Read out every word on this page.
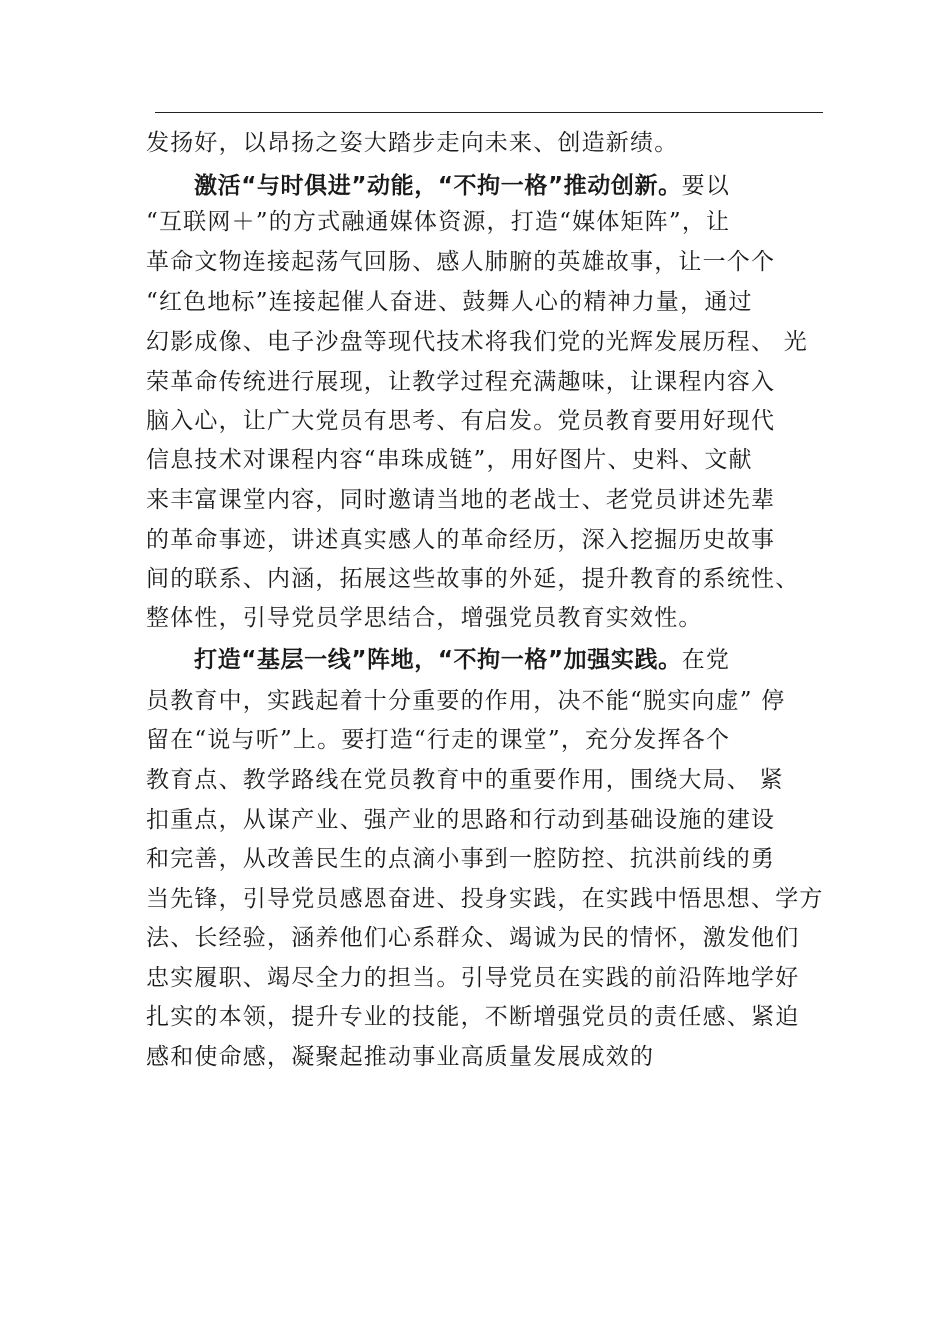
发扬好，以昂扬之姿大踏步走向未来、创造新绩。
激活“与时俱进”动能，“不拘一格”推动创新。要以
“互联网＋”的方式融通媒体资源，打造“媒体矩阵”，让
革命文物连接起荡气回肠、感人肺腑的英雄故事，让一个个
“红色地标”连接起催人奋进、鼓舞人心的精神力量，通过
幻影成像、电子沙盘等现代技术将我们党的光辉发展历程、 光
荣革命传统进行展现，让教学过程充满趣味，让课程内容入
脑入心，让广大党员有思考、有启发。党员教育要用好现代
信息技术对课程内容“串珠成链”，用好图片、史料、文献
来丰富课堂内容，同时邀请当地的老战士、老党员讲述先辈
的革命事迹，讲述真实感人的革命经历，深入挖掘历史故事
间的联系、内涵，拓展这些故事的外延，提升教育的系统性、
整体性，引导党员学思结合，增强党员教育实效性。
打造“基层一线”阵地，“不拘一格”加强实践。在党
员教育中，实践起着十分重要的作用，决不能“脱实向虚” 停
留在“说与听”上。要打造“行走的课堂”，充分发挥各个
教育点、教学路线在党员教育中的重要作用，围绕大局、 紧
扣重点，从谋产业、强产业的思路和行动到基础设施的建设
和完善，从改善民生的点滴小事到一腔防控、抗洪前线的勇
当先锋，引导党员感恩奋进、投身实践，在实践中悟思想、学方
法、长经验，涵养他们心系群众、竭诚为民的情怀，激发他们
忠实履职、竭尽全力的担当。引导党员在实践的前沿阵地学好
扎实的本领，提升专业的技能，不断增强党员的责任感、紧迫
感和使命感，凝聚起推动事业高质量发展成效的
